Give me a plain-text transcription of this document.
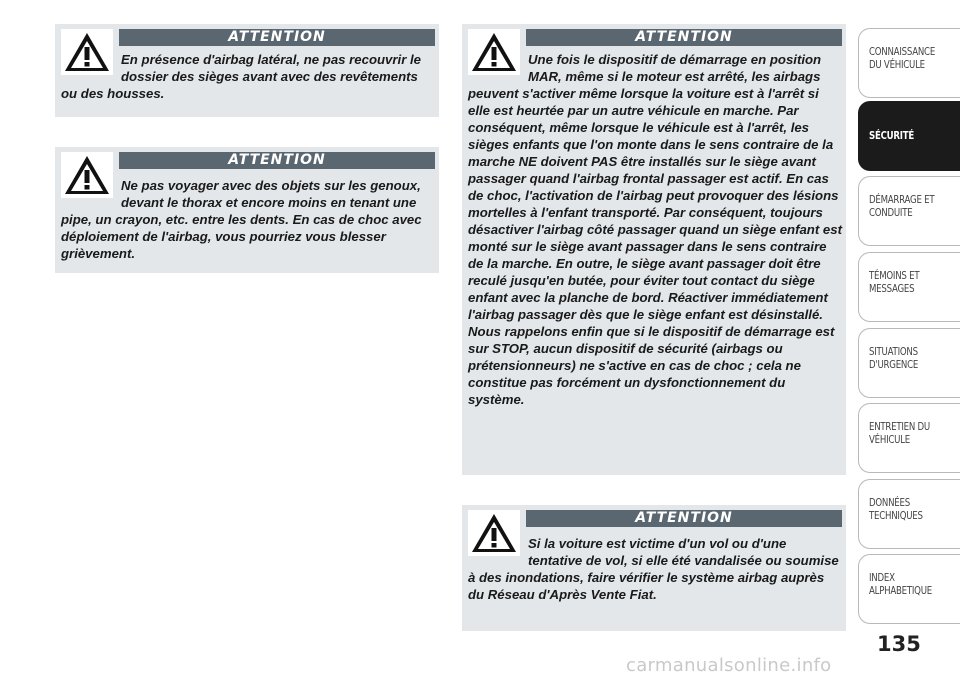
ATTENTION

En présence d'airbag latéral, ne pas recouvrir le dossier des sièges avant avec des revêtements ou des housses.

ATTENTION

Ne pas voyager avec des objets sur les genoux, devant le thorax et encore moins en tenant une pipe, un crayon, etc. entre les dents. En cas de choc avec déploiement de l'airbag, vous pourriez vous blesser grièvement.

ATTENTION

Une fois le dispositif de démarrage en position MAR, même si le moteur est arrêté, les airbags peuvent s'activer même lorsque la voiture est à l'arrêt si elle est heurtée par un autre véhicule en marche. Par conséquent, même lorsque le véhicule est à l'arrêt, les sièges enfants que l'on monte dans le sens contraire de la marche NE doivent PAS être installés sur le siège avant passager quand l'airbag frontal passager est actif. En cas de choc, l'activation de l'airbag peut provoquer des lésions mortelles à l'enfant transporté. Par conséquent, toujours désactiver l'airbag côté passager quand un siège enfant est monté sur le siège avant passager dans le sens contraire de la marche. En outre, le siège avant passager doit être reculé jusqu'en butée, pour éviter tout contact du siège enfant avec la planche de bord. Réactiver immédiatement l'airbag passager dès que le siège enfant est désinstallé. Nous rappelons enfin que si le dispositif de démarrage est sur STOP, aucun dispositif de sécurité (airbags ou prétensionneurs) ne s'active en cas de choc ; cela ne constitue pas forcément un dysfonctionnement du système.

ATTENTION

Si la voiture est victime d'un vol ou d'une tentative de vol, si elle été vandalisée ou soumise à des inondations, faire vérifier le système airbag auprès du Réseau d'Après Vente Fiat.

CONNAISSANCE
DU VÉHICULE
SÉCURITÉ
DÉMARRAGE ET
CONDUITE
TÉMOINS ET
MESSAGES
SITUATIONS
D'URGENCE
ENTRETIEN DU
VÉHICULE
DONNÉES
TECHNIQUES
INDEX
ALPHABETIQUE
135
carmanualsonline.info
